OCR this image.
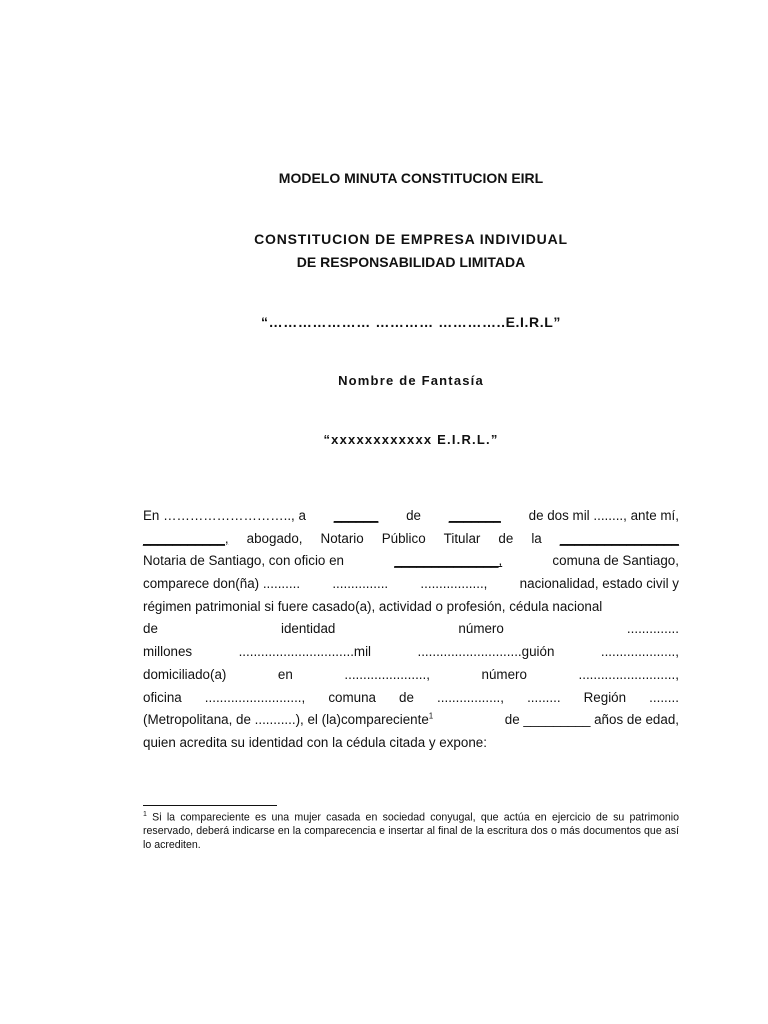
MODELO MINUTA CONSTITUCION EIRL
CONSTITUCION DE EMPRESA INDIVIDUAL
DE RESPONSABILIDAD LIMITADA
“………………… ………… …………..E.I.R.L”
Nombre de Fantasía
“xxxxxxxxxxxx E.I.R.L.”
En ……………………….., a ______ de _______ de dos mil ........, ante mí,
___________, abogado, Notario Público Titular de la ________________
Notaria de Santiago, con oficio en	______________,	comuna de Santiago,
comparece don(ña) .......... ............... ................., nacionalidad, estado civil y
régimen patrimonial si fuere casado(a), actividad o profesión, cédula nacional
de	identidad	número	..............
millones	...............................mil	............................guión	....................,
domiciliado(a)	en	......................,	número	..........................,
oficina .........................., comuna de ................., ......... Región ........
(Metropolitana, de ...........), el (la)compareciente$^1$	de _________ años de edad,
quien acredita su identidad con la cédula citada y expone:
$^1$ Si la compareciente es una mujer casada en sociedad conyugal, que actúa en ejercicio de su patrimonio reservado, deberá indicarse en la comparecencia e insertar al final de la escritura dos o más documentos que así lo acrediten.
